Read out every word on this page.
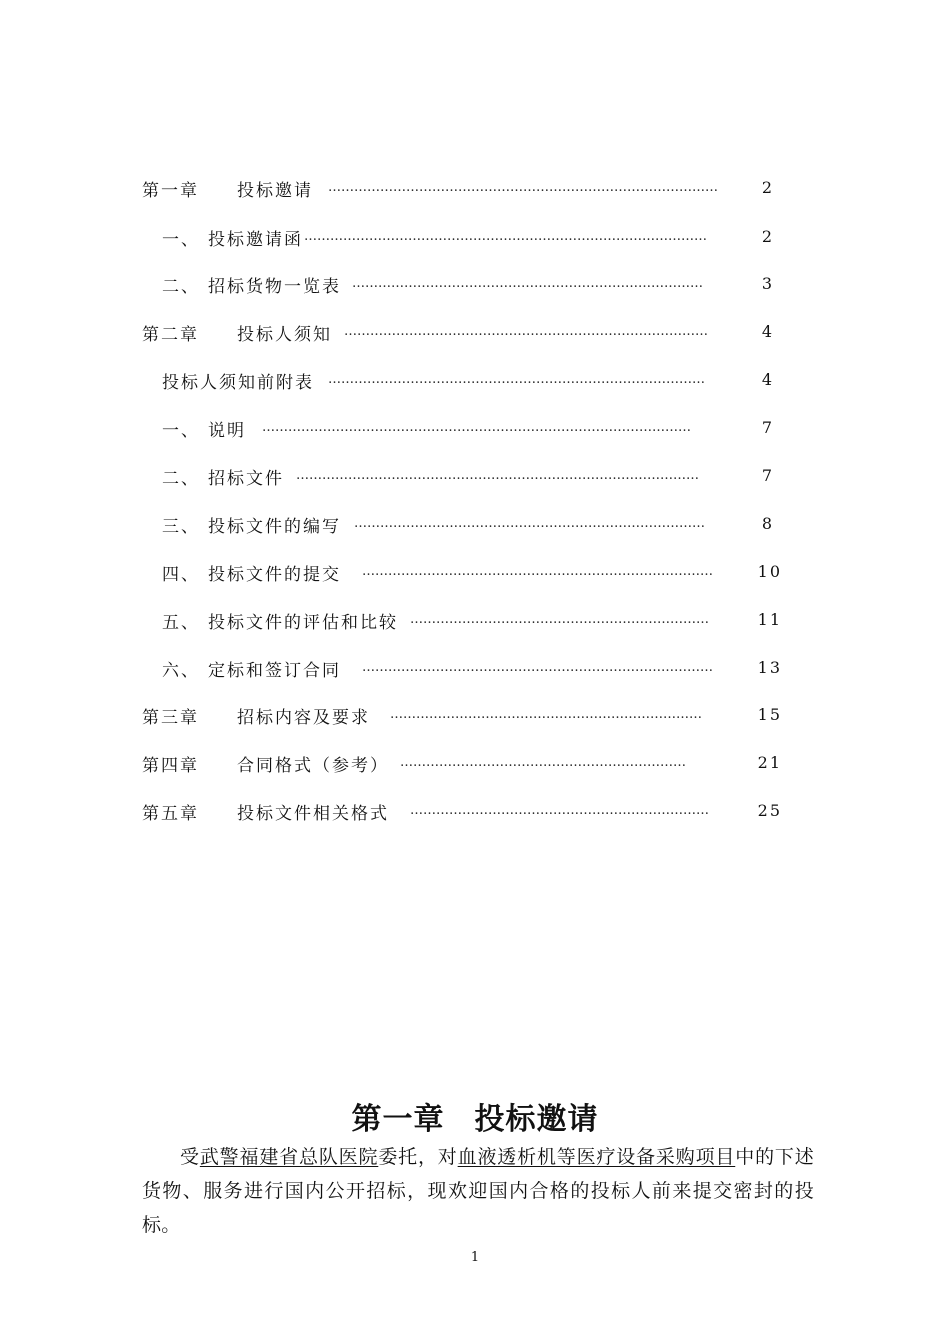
第一章 投标邀请 ………………………………………………………………………………	2
一、 投标邀请函 …………………………………………………………………………………	2
二、 招标货物一览表 ………………………………………………………………………	3
第二章 投标人须知 …………………………………………………………………………	4
投标人须知前附表 ……………………………………………………………………………	4
一、 说明 ………………………………………………………………………………………	7
二、 招标文件 …………………………………………………………………………………	7
三、 投标文件的编写 ………………………………………………………………………	8
四、 投标文件的提交 ………………………………………………………………………	10
五、 投标文件的评估和比较 ……………………………………………………………	11
六、 定标和签订合同 ………………………………………………………………………	13
第三章 招标内容及要求 ………………………………………………………………	15
第四章 合同格式（参考） …………………………………………………………	21
第五章 投标文件相关格式 ……………………………………………………………	25
第一章 投标邀请
受武警福建省总队医院委托，对血液透析机等医疗设备采购项目中的下述货物、服务进行国内公开招标，现欢迎国内合格的投标人前来提交密封的投标。
1
